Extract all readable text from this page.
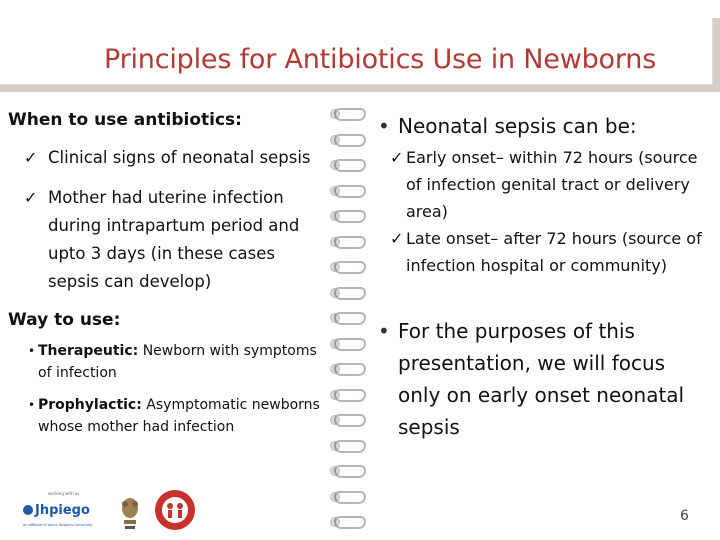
Principles for Antibiotics Use in Newborns
When to use antibiotics:
✓ Clinical signs of neonatal sepsis
✓ Mother had uterine infection during intrapartum period and upto 3 days (in these cases sepsis can develop)
Way to use:
• Therapeutic: Newborn with symptoms of infection
• Prophylactic: Asymptomatic newborns whose mother had infection
• Neonatal sepsis can be:
✓ Early onset– within 72 hours (source of infection genital tract or delivery area)
✓ Late onset– after 72 hours (source of infection hospital or community)
• For the purposes of this presentation, we will focus only on early onset neonatal sepsis
working with us
Jhpiego
an affiliate of Johns Hopkins University
6
